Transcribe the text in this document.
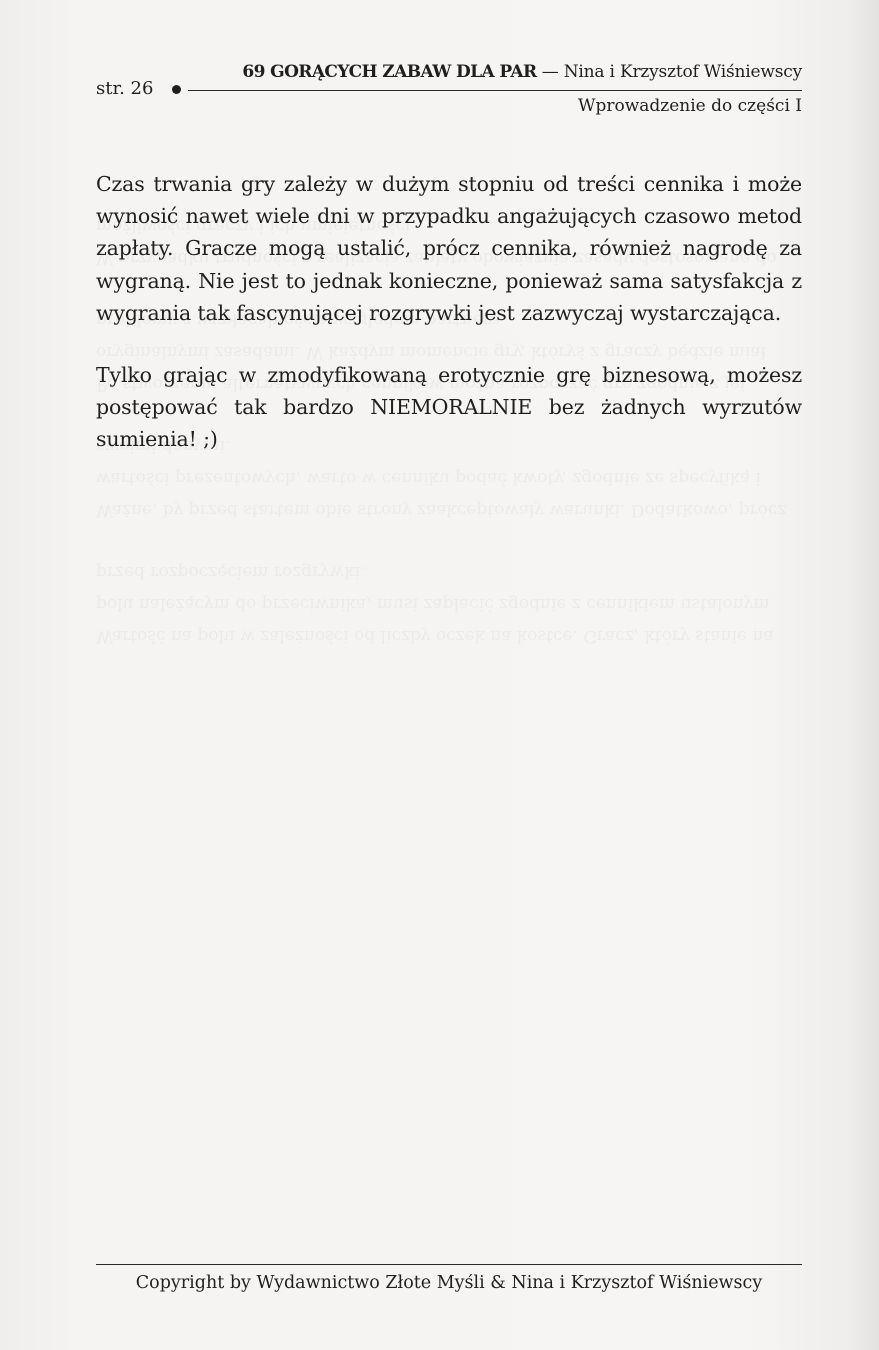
69 GORĄCYCH ZABAW DLA PAR — Nina i Krzysztof Wiśniewscy
str. 26
Wprowadzenie do części I

Czas trwania gry zależy w dużym stopniu od treści cennika i może wynosić nawet wiele dni w przypadku angażujących czasowo metod zapłaty. Gracze mogą ustalić, prócz cennika, również nagrodę za wygraną. Nie jest to jednak konieczne, ponieważ sama satysfakcja z wygrania tak fascynującej rozgrywki jest zazwyczaj wystarczająca.

Tylko grając w zmodyfikowaną erotycznie grę biznesową, możesz postępować tak bardzo NIEMORALNIE bez żadnych wyrzutów sumienia! ;)

Copyright by Wydawnictwo Złote Myśli & Nina i Krzysztof Wiśniewscy
